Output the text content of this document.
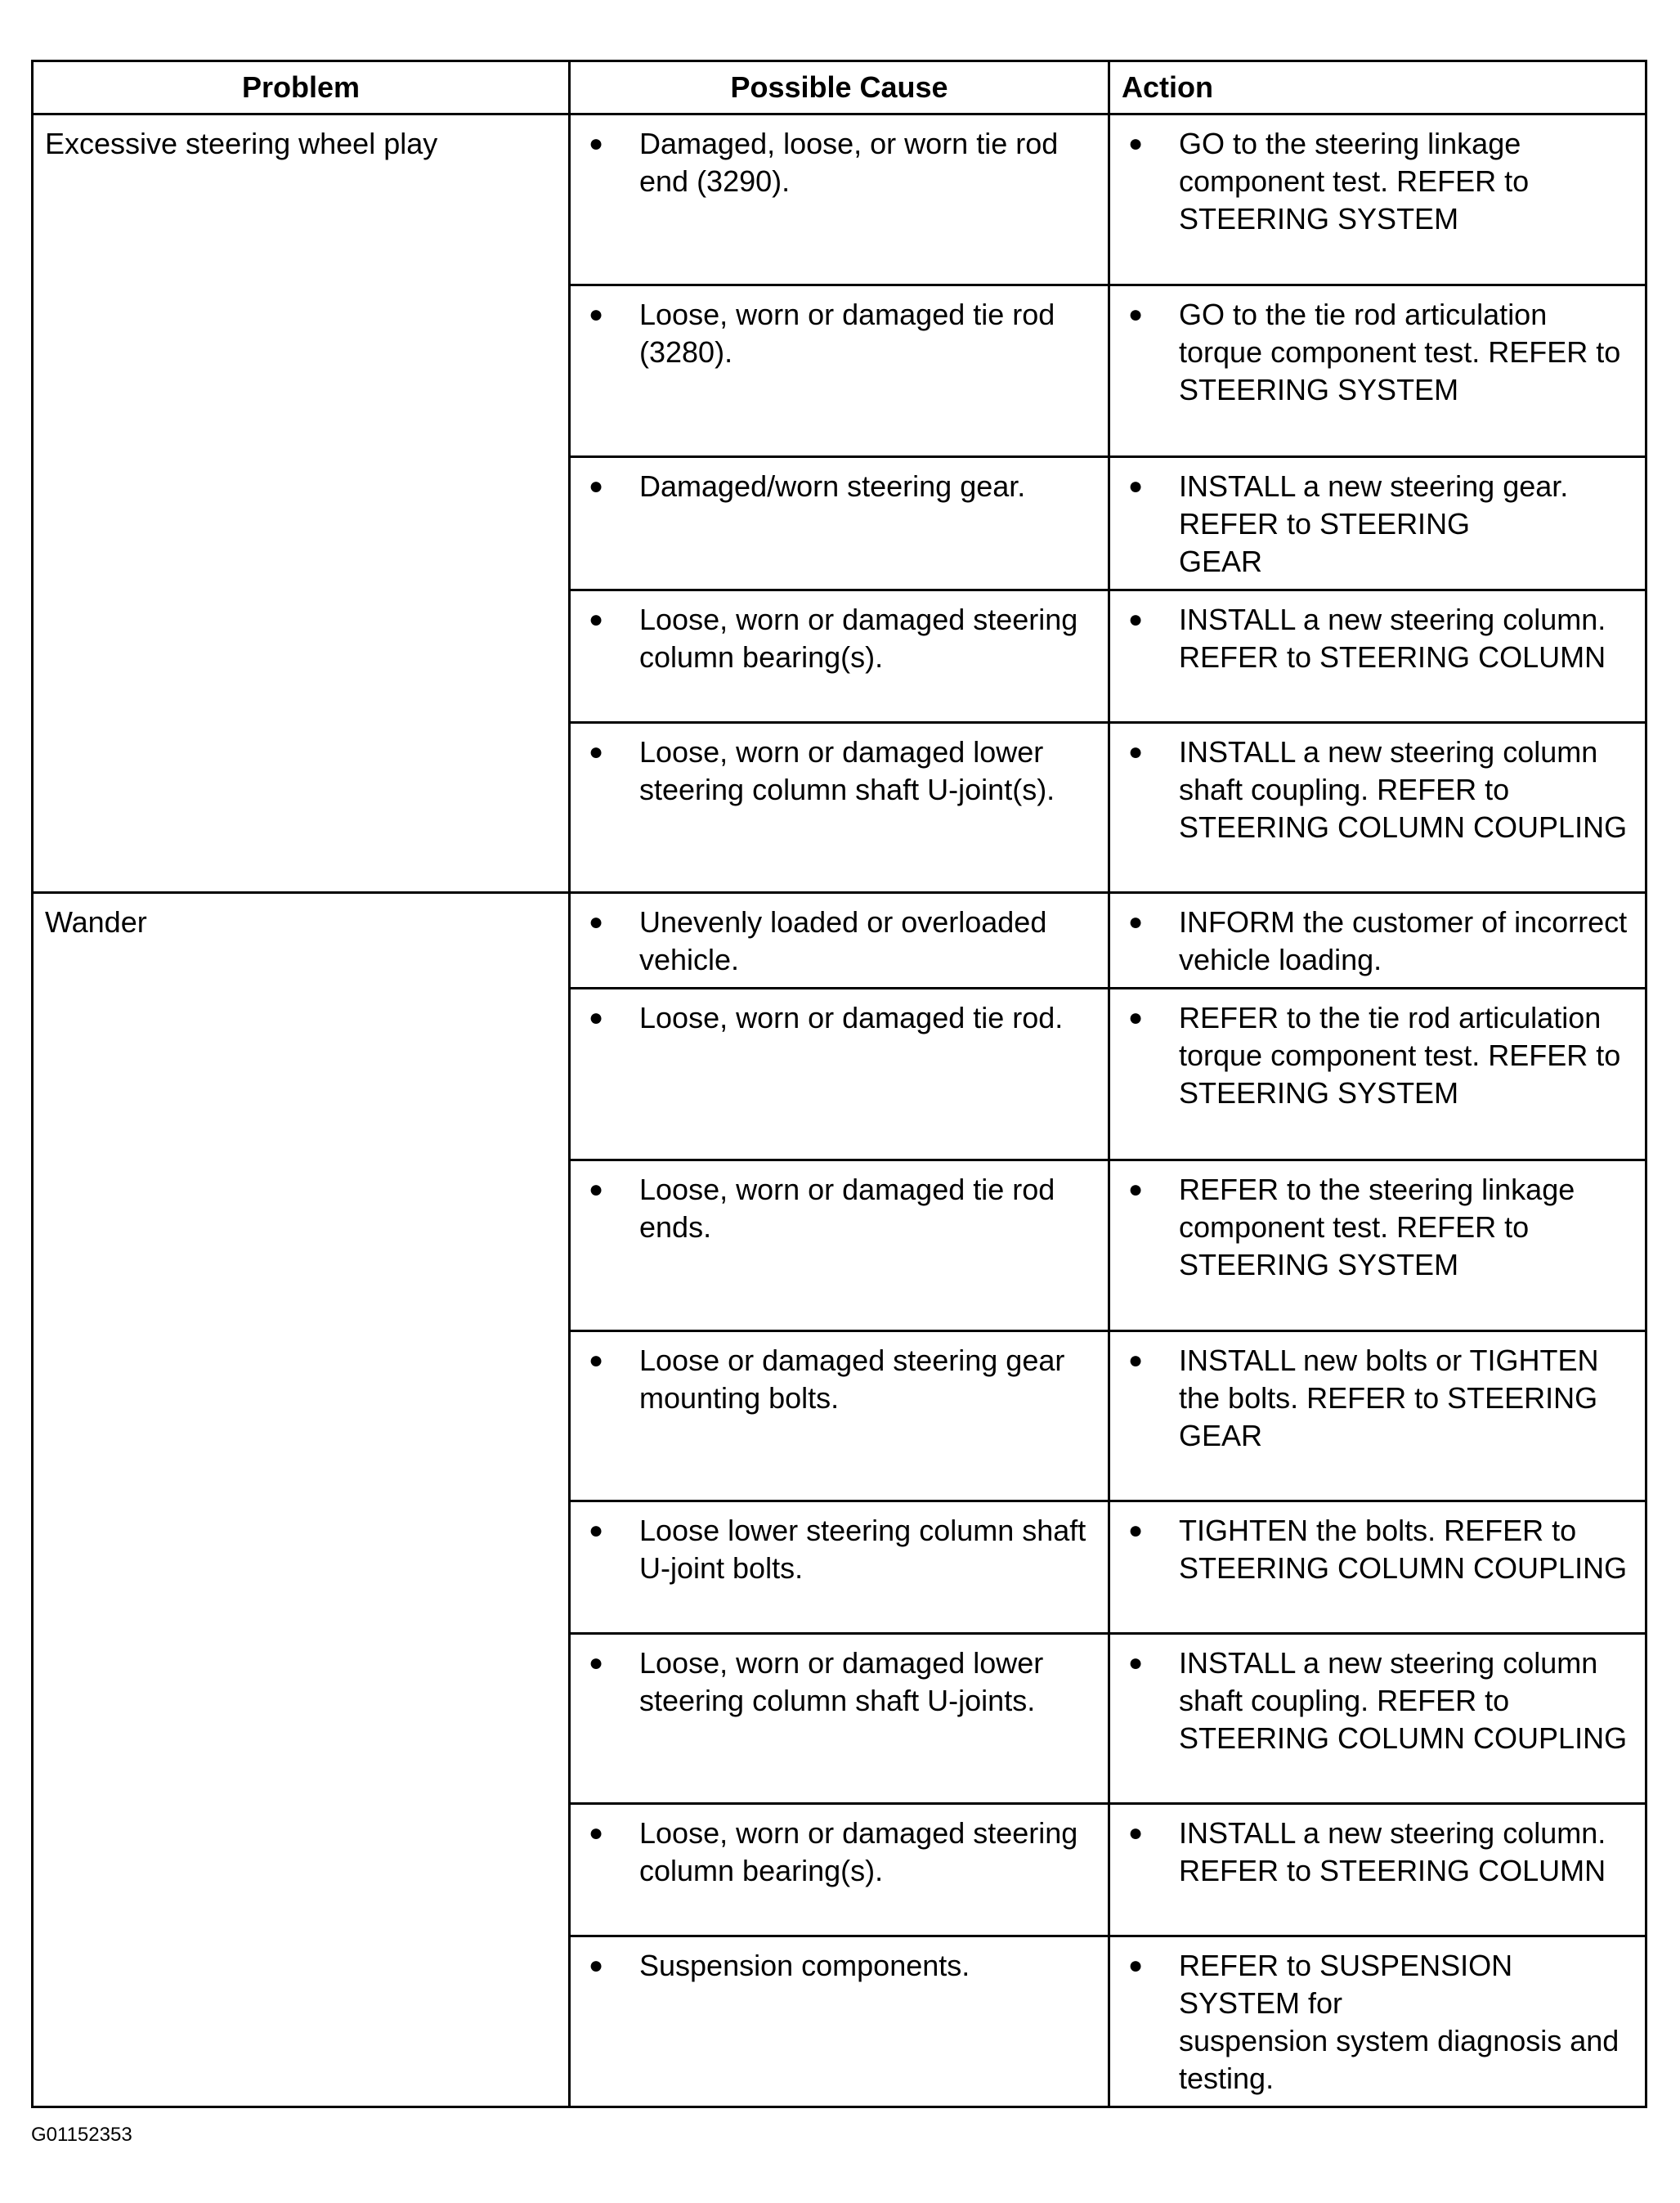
Problem	Possible Cause	Action
Excessive steering wheel play	● Damaged, loose, or worn tie rod end (3290).	● GO to the steering linkage component test. REFER to STEERING SYSTEM

	● Loose, worn or damaged tie rod (3280).	● GO to the tie rod articulation torque component test. REFER to STEERING SYSTEM

	● Damaged/worn steering gear.	● INSTALL a new steering gear. REFER to STEERING
GEAR

	● Loose, worn or damaged steering column bearing(s).	● INSTALL a new steering column. REFER to STEERING COLUMN

	● Loose, worn or damaged lower steering column shaft U-joint(s).	● INSTALL a new steering column shaft coupling. REFER to STEERING COLUMN COUPLING

Wander	● Unevenly loaded or overloaded vehicle.	● INFORM the customer of incorrect vehicle loading.

	● Loose, worn or damaged tie rod.	● REFER to the tie rod articulation torque component test. REFER to STEERING SYSTEM

	● Loose, worn or damaged tie rod ends.	● REFER to the steering linkage component test. REFER to STEERING SYSTEM

	● Loose or damaged steering gear mounting bolts.	● INSTALL new bolts or TIGHTEN the bolts. REFER to STEERING GEAR

	● Loose lower steering column shaft U-joint bolts.	● TIGHTEN the bolts. REFER to STEERING COLUMN COUPLING

	● Loose, worn or damaged lower steering column shaft U-joints.	● INSTALL a new steering column shaft coupling. REFER to
STEERING COLUMN COUPLING

	● Loose, worn or damaged steering column bearing(s).	● INSTALL a new steering column. REFER to STEERING COLUMN

	● Suspension components.	● REFER to SUSPENSION SYSTEM for
suspension system diagnosis and testing.
G01152353
